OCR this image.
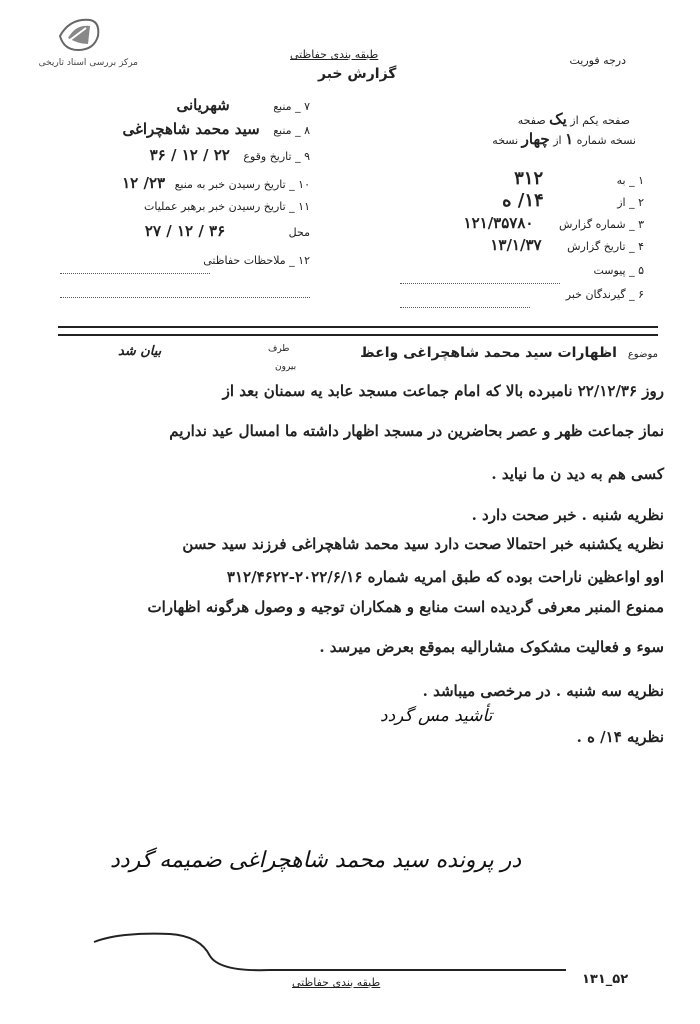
مرکز بررسی اسناد تاریخی
طبقه بندی حفاظتی
گزارش خبر
درجه فوریت
صفحه یکم از یک صفحه
نسخه شماره ۱ از چهار نسخه
۱ _ به ۳۱۲
۲ _ از ۱۴/ ه
۳ _ شماره گزارش ۱۲۱/۳۵۷۸۰
۴ _ تاریخ گزارش ۱۳/۱/۳۷
۵ _ پیوست
۶ _ گیرندگان خبر
۷ _ منبع شهریانی
۸ _ منبع سید محمد شاهچراغی
۹ _ تاریخ وقوع ۲۲ / ۱۲ / ۳۶
۱۰ _ تاریخ رسیدن خبر به منبع ۲۳/ ۱۲
۱۱ _ تاریخ رسیدن خبر برهبر عملیات
محل ۳۶ / ۱۲ / ۲۷
۱۲ _ ملاحظات حفاظتی
طرف
بیرون
بیان شد	موضوع اظهارات سید محمد شاهچراغی واعظ
روز ۲۲/۱۲/۳۶ نامبرده بالا که امام جماعت مسجد عابد یه سمنان بعد از
نماز جماعت ظهر و عصر بحاضرین در مسجد اظهار داشته ما امسال عید نداریم
کسی هم به دید ن ما نیاید .
نظریه شنبه . خبر صحت دارد .
نظریه یکشنبه خبر احتمالا صحت دارد سید محمد شاهچراغی فرزند سید حسن
اوو اواعظین ناراحت بوده که طبق امریه شماره ۲۰۲۲/۶/۱۶-۳۱۲/۴۶۲۲
ممنوع المنبر معرفی گردیده است منابع و همکاران توجیه و وصول هرگونه اظهارات
سوء و فعالیت مشکوک مشارالیه بموقع بعرض میرسد .
نظریه سه شنبه . در مرخصی میباشد .
نظریه ۱۴/ ه .
تأشید مس گردد
در پرونده سید محمد شاهچراغی ضمیمه گردد
طبقه بندی حفاظتی	۱۳۱_۵۲
